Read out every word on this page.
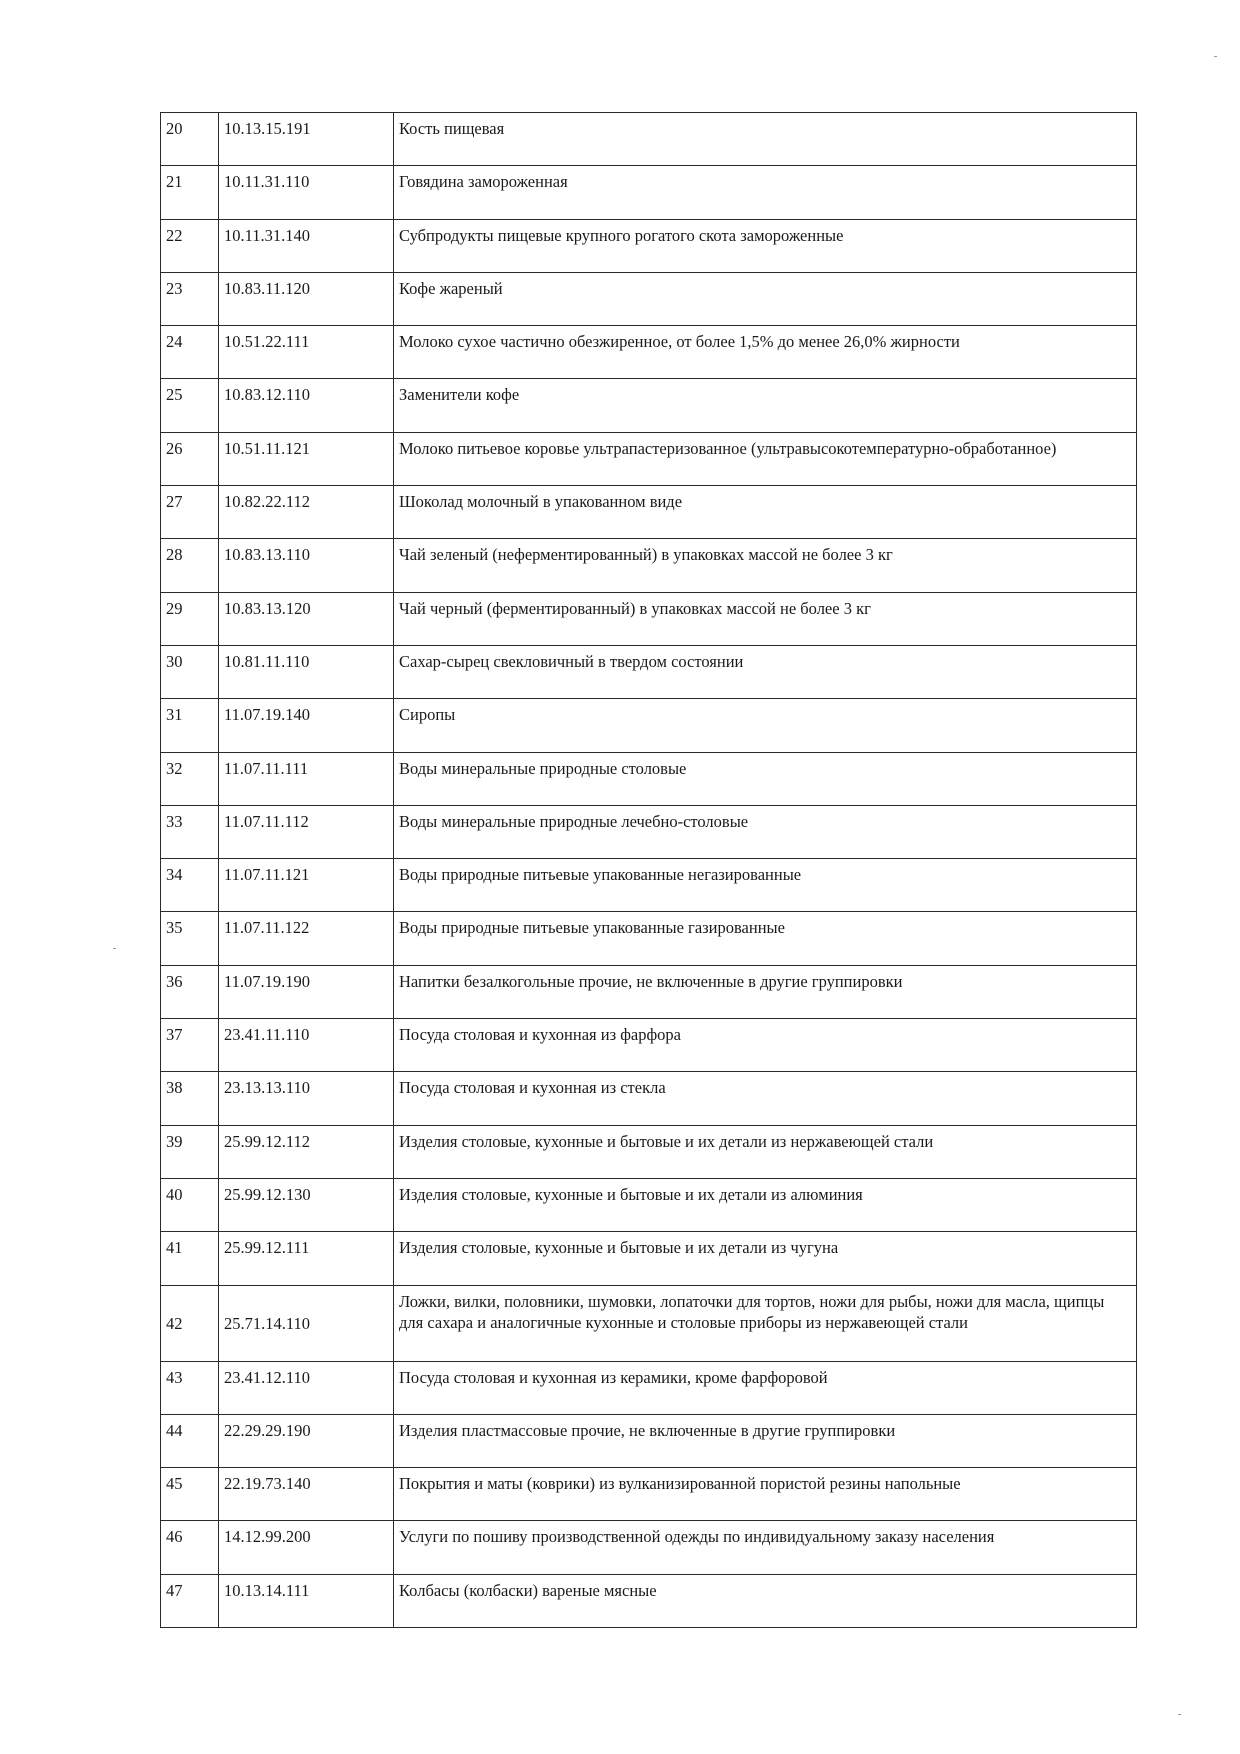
20	10.13.15.191	Кость пищевая
21	10.11.31.110	Говядина замороженная
22	10.11.31.140	Субпродукты пищевые крупного рогатого скота замороженные
23	10.83.11.120	Кофе жареный
24	10.51.22.111	Молоко сухое частично обезжиренное, от более 1,5% до менее 26,0% жирности
25	10.83.12.110	Заменители кофе
26	10.51.11.121	Молоко питьевое коровье ультрапастеризованное (ультравысокотемпературно-обработанное)
27	10.82.22.112	Шоколад молочный в упакованном виде
28	10.83.13.110	Чай зеленый (неферментированный) в упаковках массой не более 3 кг
29	10.83.13.120	Чай черный (ферментированный) в упаковках массой не более 3 кг
30	10.81.11.110	Сахар-сырец свекловичный в твердом состоянии
31	11.07.19.140	Сиропы
32	11.07.11.111	Воды минеральные природные столовые
33	11.07.11.112	Воды минеральные природные лечебно-столовые
34	11.07.11.121	Воды природные питьевые упакованные негазированные
35	11.07.11.122	Воды природные питьевые упакованные газированные
36	11.07.19.190	Напитки безалкогольные прочие, не включенные в другие группировки
37	23.41.11.110	Посуда столовая и кухонная из фарфора
38	23.13.13.110	Посуда столовая и кухонная из стекла
39	25.99.12.112	Изделия столовые, кухонные и бытовые и их детали из нержавеющей стали
40	25.99.12.130	Изделия столовые, кухонные и бытовые и их детали из алюминия
41	25.99.12.111	Изделия столовые, кухонные и бытовые и их детали из чугуна
42	25.71.14.110	Ложки, вилки, половники, шумовки, лопаточки для тортов, ножи для рыбы, ножи для масла, щипцы для сахара и аналогичные кухонные и столовые приборы из нержавеющей стали
43	23.41.12.110	Посуда столовая и кухонная из керамики, кроме фарфоровой
44	22.29.29.190	Изделия пластмассовые прочие, не включенные в другие группировки
45	22.19.73.140	Покрытия и маты (коврики) из вулканизированной пористой резины напольные
46	14.12.99.200	Услуги по пошиву производственной одежды по индивидуальному заказу населения
47	10.13.14.111	Колбасы (колбаски) вареные мясные
